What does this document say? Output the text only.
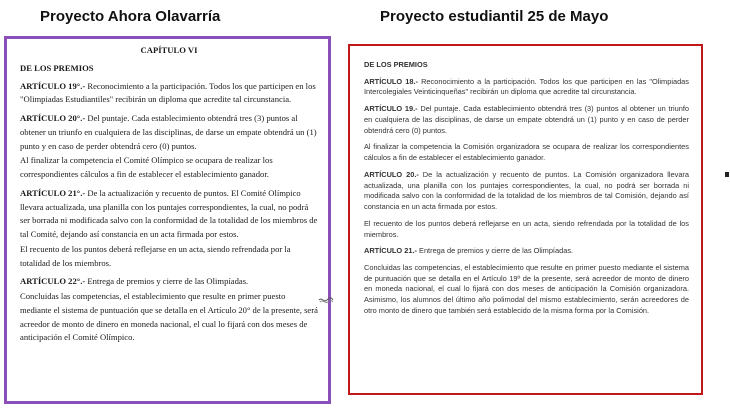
Proyecto Ahora Olavarría	Proyecto estudiantil 25 de Mayo
CAPÍTULO VI

DE LOS PREMIOS

ARTÍCULO 19°.- Reconocimiento a la participación. Todos los que participen en los "Olimpiadas Estudiantiles" recibirán un diploma que acredite tal circunstancia.

ARTÍCULO 20°.- Del puntaje. Cada establecimiento obtendrá tres (3) puntos al obtener un triunfo en cualquiera de las disciplinas, de darse un empate obtendrá un (1) punto y en caso de perder obtendrá cero (0) puntos.

Al finalizar la competencia el Comité Olímpico se ocupara de realizar los correspondientes cálculos a fin de establecer el establecimiento ganador.

ARTÍCULO 21°.- De la actualización y recuento de puntos. El Comité Olímpico llevara actualizada, una planilla con los puntajes correspondientes, la cual, no podrá ser borrada ni modificada salvo con la conformidad de la totalidad de los miembros de tal Comité, dejando así constancia en un acta firmada por estos.

El recuento de los puntos deberá reflejarse en un acta, siendo refrendada por la totalidad de los miembros.

ARTÍCULO 22°.- Entrega de premios y cierre de las Olimpíadas.

Concluidas las competencias, el establecimiento que resulte en primer puesto mediante el sistema de puntuación que se detalla en el Artículo 20° de la presente, será acreedor de monto de dinero en moneda nacional, el cual lo fijará con dos meses de anticipación el Comité Olímpico.

DE LOS PREMIOS

ARTÍCULO 18.- Reconocimiento a la participación. Todos los que participen en las "Olimpiadas Intercolegiales Veinticinqueñas" recibirán un diploma que acredite tal circunstancia.

ARTÍCULO 19.- Del puntaje. Cada establecimiento obtendrá tres (3) puntos al obtener un triunfo en cualquiera de las disciplinas, de darse un empate obtendrá un (1) punto y en caso de perder obtendrá cero (0) puntos.

Al finalizar la competencia la Comisión organizadora se ocupara de realizar los correspondientes cálculos a fin de establecer el establecimiento ganador.

ARTÍCULO 20.- De la actualización y recuento de puntos. La Comisión organizadora llevara actualizada, una planilla con los puntajes correspondientes, la cual, no podrá ser borrada ni modificada salvo con la conformidad de la totalidad de los miembros de tal Comisión, dejando así constancia en un acta firmada por estos.

El recuento de los puntos deberá reflejarse en un acta, siendo refrendada por la totalidad de los miembros.

ARTÍCULO 21.- Entrega de premios y cierre de las Olimpíadas.

Concluidas las competencias, el establecimiento que resulte en primer puesto mediante el sistema de puntuación que se detalla en el Artículo 19º de la presente, será acreedor de monto de dinero en moneda nacional, el cual lo fijará con dos meses de anticipación la Comisión organizadora. Asimismo, los alumnos del último año polimodal del mismo establecimiento, serán acreedores de otro monto de dinero que también será establecido de la misma forma por la Comisión.
